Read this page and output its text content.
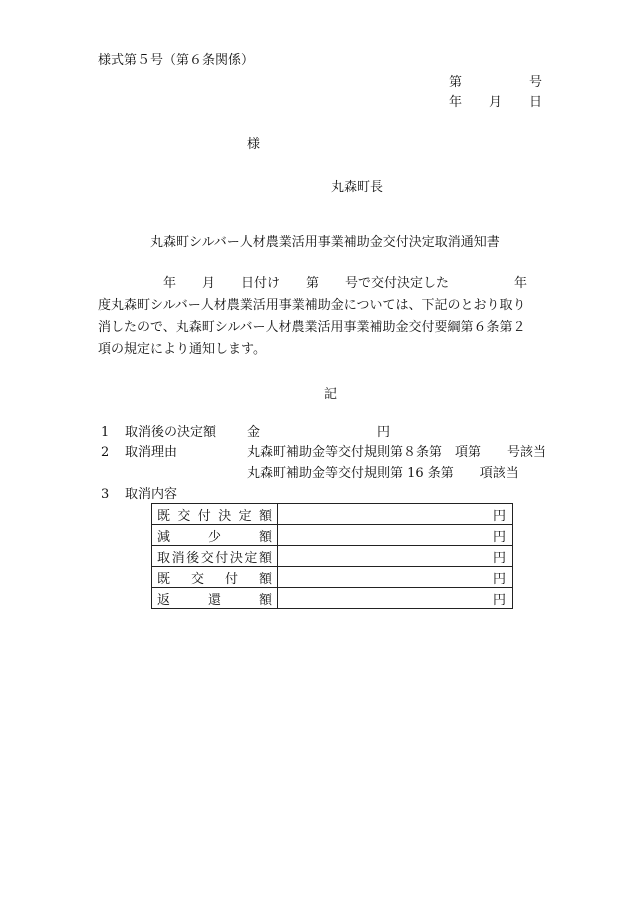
様式第５号（第６条関係）
第	号
年 月 日
様
丸森町長
丸森町シルバー人材農業活用事業補助金交付決定取消通知書
　　　　　年　　月　　日付け　　第　　号で交付決定した　　　　　年度丸森町シルバー人材農業活用事業補助金については、下記のとおり取り消したので、丸森町シルバー人材農業活用事業補助金交付要綱第６条第２項の規定により通知します。
記
1 取消後の決定額 金　　　　　　　　　円
2 取消理由	丸森町補助金等交付規則第８条第　項第　　号該当
丸森町補助金等交付規則第 16 条第　　項該当
3 取消内容
既交付決定額	円
減少額	円
取消後交付決定額	円
既交付額	円
返還額	円
